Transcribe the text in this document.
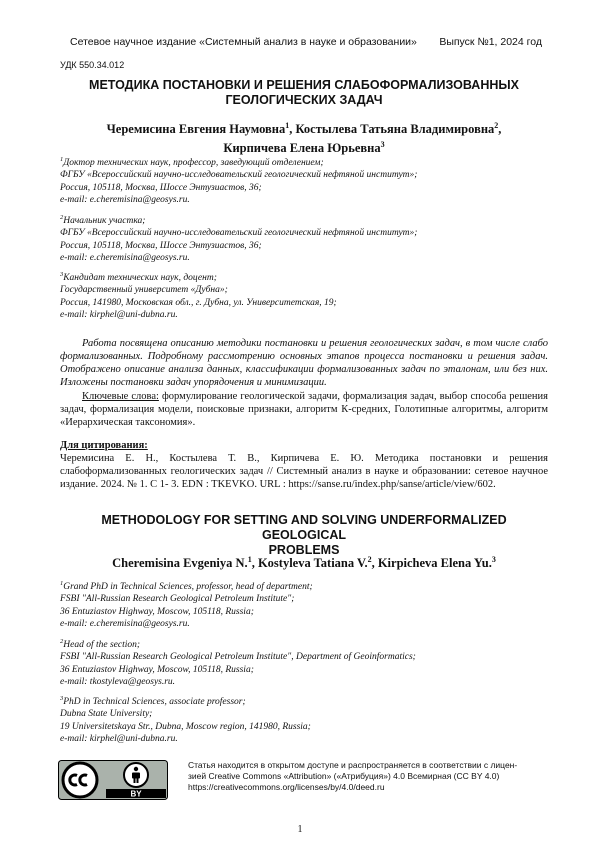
Сетевое научное издание «Системный анализ в науке и образовании» Выпуск №1, 2024 год
УДК 550.34.012
МЕТОДИКА ПОСТАНОВКИ И РЕШЕНИЯ СЛАБОФОРМАЛИЗОВАННЫХ
ГЕОЛОГИЧЕСКИХ ЗАДАЧ
Черемисина Евгения Наумовна1, Костылева Татьяна Владимировна2,
Кирпичева Елена Юрьевна3
1Доктор технических наук, профессор, заведующий отделением;
ФГБУ «Всероссийский научно-исследовательский геологический нефтяной институт»;
Россия, 105118, Москва, Шоссе Энтузиастов, 36;
e-mail: e.cheremisina@geosys.ru.
2Начальник участка;
ФГБУ «Всероссийский научно-исследовательский геологический нефтяной институт»;
Россия, 105118, Москва, Шоссе Энтузиастов, 36;
e-mail: e.cheremisina@geosys.ru.
3Кандидат технических наук, доцент;
Государственный университет «Дубна»;
Россия, 141980, Московская обл., г. Дубна, ул. Университетская, 19;
e-mail: kirphel@uni-dubna.ru.

Работа посвящена описанию методики постановки и решения геологических задач, в том числе слабо формализованных. Подробному рассмотрению основных этапов процесса постановки и решения задач. Отображено описание анализа данных, классификации формализованных задач по эталонам, или без них. Изложены постановки задач упорядочения и минимизации.

Ключевые слова: формулирование геологической задачи, формализация задач, выбор способа решения задач, формализация модели, поисковые признаки, алгоритм К-средних, Голотипные алгоритмы, алгоритм «Иерархическая таксономия».

Для цитирования:

Черемисина Е. Н., Костылева Т. В., Кирпичева Е. Ю. Методика постановки и решения слабоформализованных геологических задач // Системный анализ в науке и образовании: сетевое научное издание. 2024. № 1. С 1- 3. EDN : TKEVKO. URL : https://sanse.ru/index.php/sanse/article/view/602.

METHODOLOGY FOR SETTING AND SOLVING UNDERFORMALIZED GEOLOGICAL
PROBLEMS
Cheremisina Evgeniya N.1, Kostyleva Tatiana V.2, Kirpicheva Elena Yu.3
1Grand PhD in Technical Sciences, professor, head of department;
FSBI "All-Russian Research Geological Petroleum Institute";
36 Entuziastov Highway, Moscow, 105118, Russia;
e-mail: e.cheremisina@geosys.ru.
2Head of the section;
FSBI "All-Russian Research Geological Petroleum Institute", Department of Geoinformatics;
36 Entuziastov Highway, Moscow, 105118, Russia;
e-mail: tkostyleva@geosys.ru.
3PhD in Technical Sciences, associate professor;
Dubna State University;
19 Universitetskaya Str., Dubna, Moscow region, 141980, Russia;
e-mail: kirphel@uni-dubna.ru.
BY
Статья находится в открытом доступе и распространяется в соответствии с лицен-
зией Creative Commons «Attribution» («Атрибуция») 4.0 Всемирная (CC BY 4.0)
https://creativecommons.org/licenses/by/4.0/deed.ru
1
